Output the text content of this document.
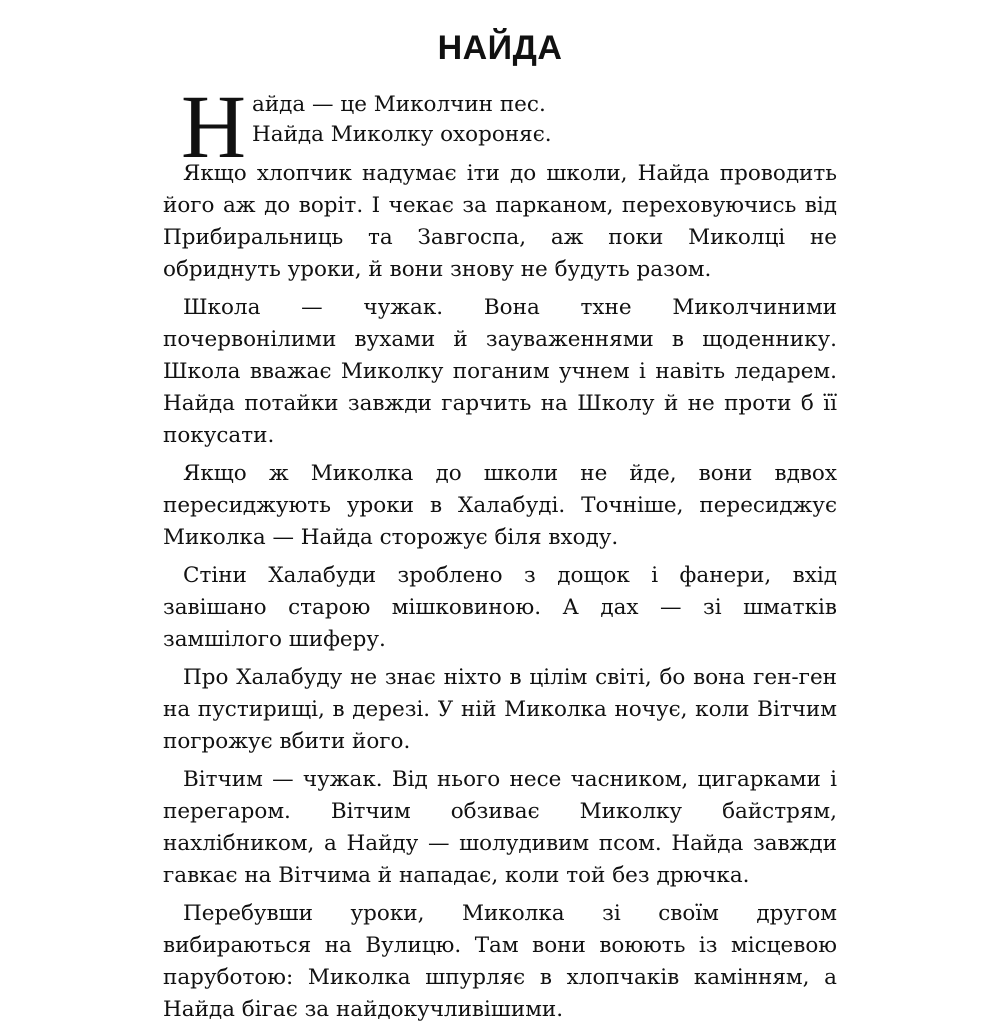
НАЙДА
Н айда — це Миколчин пес.
Найда Миколку охороняє.

Якщо хлопчик надумає іти до школи, Найда проводить його аж до воріт. І чекає за парканом, переховуючись від Прибиральниць та Завгоспа, аж поки Миколці не обриднуть уроки, й вони знову не будуть разом.

Школа — чужак. Вона тхне Миколчиними почервонілими вухами й зауваженнями в щоденнику. Школа вважає Миколку поганим учнем і навіть ледарем. Найда потайки завжди гарчить на Школу й не проти б її покусати.

Якщо ж Миколка до школи не йде, вони вдвох пересиджують уроки в Халабуді. Точніше, пересиджує Миколка — Найда сторожує біля входу.

Стіни Халабуди зроблено з дощок і фанери, вхід завішано старою мішковиною. А дах — зі шматків замшілого шиферу.

Про Халабуду не знає ніхто в цілім світі, бо вона ген-ген на пустирищі, в дерезі. У ній Миколка ночує, коли Вітчим погрожує вбити його.

Вітчим — чужак. Від нього несе часником, цигарками і перегаром. Вітчим обзиває Миколку байстрям, нахлібником, а Найду — шолудивим псом. Найда завжди гавкає на Вітчима й нападає, коли той без дрючка.

Перебувши уроки, Миколка зі своїм другом вибираються на Вулицю. Там вони воюють із місцевою паруботою: Миколка шпурляє в хлопчаків камінням, а Найда бігає за найдокучливішими.
